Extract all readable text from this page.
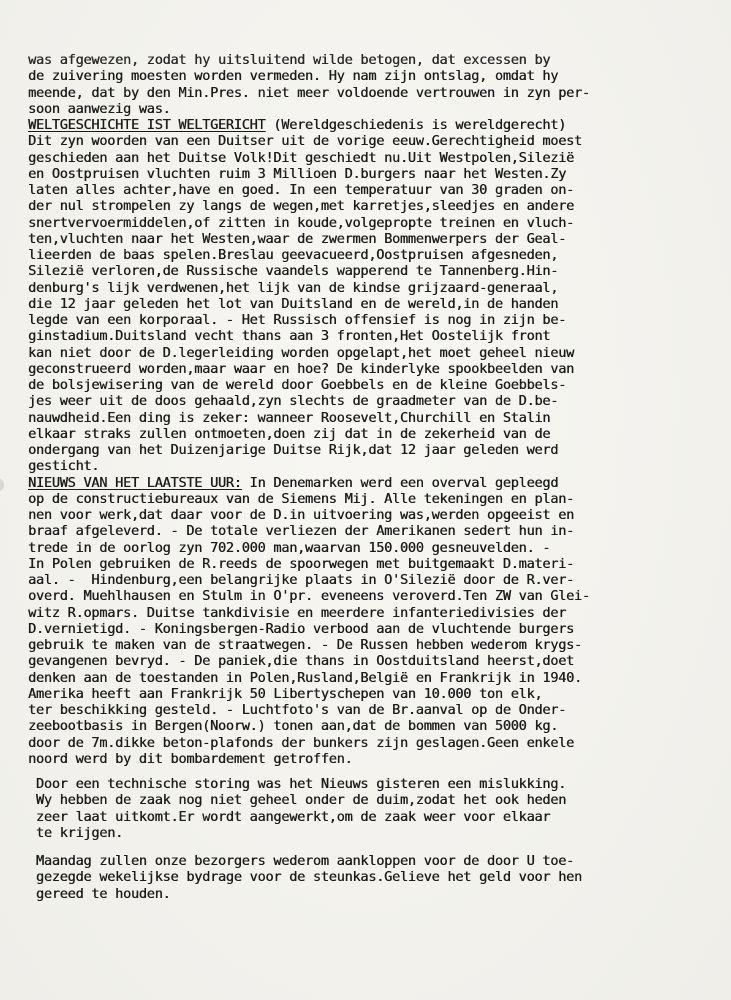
was afgewezen, zodat hy uitsluitend wilde betogen, dat excessen by
de zuivering moesten worden vermeden. Hy nam zijn ontslag, omdat hy
meende, dat by den Min.Pres. niet meer voldoende vertrouwen in zyn per-
soon aanwezig was.
WELTGESCHICHTE IST WELTGERICHT (Wereldgeschiedenis is wereldgerecht)
Dit zyn woorden van een Duitser uit de vorige eeuw.Gerechtigheid moest
geschieden aan het Duitse Volk!Dit geschiedt nu.Uit Westpolen,Silezië
en Oostpruisen vluchten ruim 3 Millioen D.burgers naar het Westen.Zy
laten alles achter,have en goed. In een temperatuur van 30 graden on-
der nul strompelen zy langs de wegen,met karretjes,sleedjes en andere
snertvervoermiddelen,of zitten in koude,volgepropte treinen en vluch-
ten,vluchten naar het Westen,waar de zwermen Bommenwerpers der Geal-
lieerden de baas spelen.Breslau geevacueerd,Oostpruisen afgesneden,
Silezië verloren,de Russische vaandels wapperend te Tannenberg.Hin-
denburg's lijk verdwenen,het lijk van de kindse grijzaard-generaal,
die 12 jaar geleden het lot van Duitsland en de wereld,in de handen
legde van een korporaal. - Het Russisch offensief is nog in zijn be-
ginstadium.Duitsland vecht thans aan 3 fronten,Het Oostelijk front
kan niet door de D.legerleiding worden opgelapt,het moet geheel nieuw
geconstrueerd worden,maar waar en hoe? De kinderlyke spookbeelden van
de bolsjewisering van de wereld door Goebbels en de kleine Goebbels-
jes weer uit de doos gehaald,zyn slechts de graadmeter van de D.be-
nauwdheid.Een ding is zeker: wanneer Roosevelt,Churchill en Stalin
elkaar straks zullen ontmoeten,doen zij dat in de zekerheid van de
ondergang van het Duizenjarige Duitse Rijk,dat 12 jaar geleden werd
gesticht.
NIEUWS VAN HET LAATSTE UUR: In Denemarken werd een overval gepleegd
op de constructiebureaux van de Siemens Mij. Alle tekeningen en plan-
nen voor werk,dat daar voor de D.in uitvoering was,werden opgeeist en
braaf afgeleverd. - De totale verliezen der Amerikanen sedert hun in-
trede in de oorlog zyn 702.000 man,waarvan 150.000 gesneuvelden. -
In Polen gebruiken de R.reeds de spoorwegen met buitgemaakt D.materi-
aal. -  Hindenburg,een belangrijke plaats in O'Silezië door de R.ver-
overd. Muehlhausen en Stulm in O'pr. eveneens veroverd.Ten ZW van Glei-
witz R.opmars. Duitse tankdivisie en meerdere infanteriedivisies der
D.vernietigd. - Koningsbergen-Radio verbood aan de vluchtende burgers
gebruik te maken van de straatwegen. - De Russen hebben wederom krygs-
gevangenen bevryd. - De paniek,die thans in Oostduitsland heerst,doet
denken aan de toestanden in Polen,Rusland,België en Frankrijk in 1940.
Amerika heeft aan Frankrijk 50 Libertyschepen van 10.000 ton elk,
ter beschikking gesteld. - Luchtfoto's van de Br.aanval op de Onder-
zeebootbasis in Bergen(Noorw.) tonen aan,dat de bommen van 5000 kg.
door de 7m.dikke beton-plafonds der bunkers zijn geslagen.Geen enkele
noord werd by dit bombardement getroffen.
Door een technische storing was het Nieuws gisteren een mislukking.
Wy hebben de zaak nog niet geheel onder de duim,zodat het ook heden
zeer laat uitkomt.Er wordt aangewerkt,om de zaak weer voor elkaar
te krijgen.
Maandag zullen onze bezorgers wederom aankloppen voor de door U toe-
gezegde wekelijkse bydrage voor de steunkas.Gelieve het geld voor hen
gereed te houden.
